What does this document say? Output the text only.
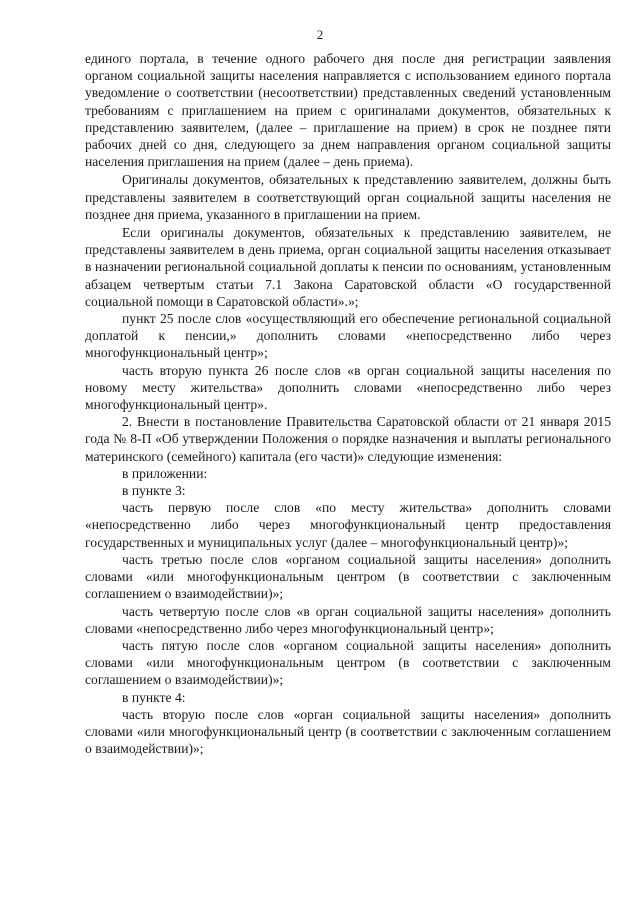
2

единого портала, в течение одного рабочего дня после дня регистрации заявления органом социальной защиты населения направляется с использованием единого портала уведомление о соответствии (несоответствии) представленных сведений установленным требованиям с приглашением на прием с оригиналами документов, обязательных к представлению заявителем, (далее – приглашение на прием) в срок не позднее пяти рабочих дней со дня, следующего за днем направления органом социальной защиты населения приглашения на прием (далее – день приема).

Оригиналы документов, обязательных к представлению заявителем, должны быть представлены заявителем в соответствующий орган социальной защиты населения не позднее дня приема, указанного в приглашении на прием.

Если оригиналы документов, обязательных к представлению заявителем, не представлены заявителем в день приема, орган социальной защиты населения отказывает в назначении региональной социальной доплаты к пенсии по основаниям, установленным абзацем четвертым статьи 7.1 Закона Саратовской области «О государственной социальной помощи в Саратовской области».»;

пункт 25 после слов «осуществляющий его обеспечение региональной социальной доплатой к пенсии,» дополнить словами «непосредственно либо через многофункциональный центр»;

часть вторую пункта 26 после слов «в орган социальной защиты населения по новому месту жительства» дополнить словами «непосредственно либо через многофункциональный центр».

2. Внести в постановление Правительства Саратовской области от 21 января 2015 года № 8-П «Об утверждении Положения о порядке назначения и выплаты регионального материнского (семейного) капитала (его части)» следующие изменения:

в приложении:

в пункте 3:

часть первую после слов «по месту жительства» дополнить словами «непосредственно либо через многофункциональный центр предоставления государственных и муниципальных услуг (далее – многофункциональный центр)»;

часть третью после слов «органом социальной защиты населения» дополнить словами «или многофункциональным центром (в соответствии с заключенным соглашением о взаимодействии)»;

часть четвертую после слов «в орган социальной защиты населения» дополнить словами «непосредственно либо через многофункциональный центр»;

часть пятую после слов «органом социальной защиты населения» дополнить словами «или многофункциональным центром (в соответствии с заключенным соглашением о взаимодействии)»;

в пункте 4:

часть вторую после слов «орган социальной защиты населения» дополнить словами «или многофункциональный центр (в соответствии с заключенным соглашением о взаимодействии)»;
